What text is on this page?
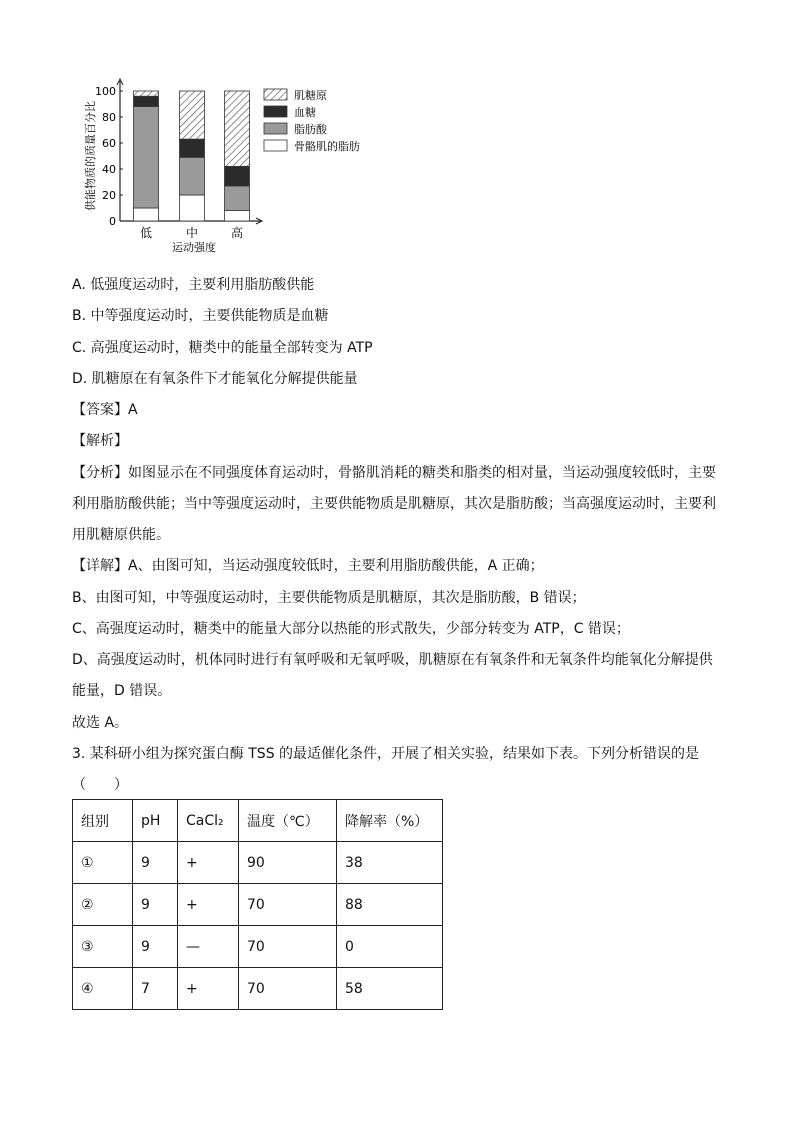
0
20
40
60
80
100
供能物质的质量百分比
低	中	高
运动强度
肌糖原
血糖
脂肪酸
骨骼肌的脂肪
A. 低强度运动时，主要利用脂肪酸供能
B. 中等强度运动时，主要供能物质是血糖
C. 高强度运动时，糖类中的能量全部转变为 ATP
D. 肌糖原在有氧条件下才能氧化分解提供能量
【答案】A
【解析】
【分析】如图显示在不同强度体育运动时，骨骼肌消耗的糖类和脂类的相对量，当运动强度较低时，主要
利用脂肪酸供能；当中等强度运动时，主要供能物质是肌糖原，其次是脂肪酸；当高强度运动时，主要利
用肌糖原供能。
【详解】A、由图可知，当运动强度较低时，主要利用脂肪酸供能，A 正确；
B、由图可知，中等强度运动时，主要供能物质是肌糖原，其次是脂肪酸，B 错误；
C、高强度运动时，糖类中的能量大部分以热能的形式散失，少部分转变为 ATP，C 错误；
D、高强度运动时，机体同时进行有氧呼吸和无氧呼吸，肌糖原在有氧条件和无氧条件均能氧化分解提供
能量，D 错误。
故选 A。
3. 某科研小组为探究蛋白酶 TSS 的最适催化条件，开展了相关实验，结果如下表。下列分析错误的是
（　　）
组别	pH	CaCl₂	温度（℃）	降解率（%）
①	9	+	90	38
②	9	+	70	88
③	9	—	70	0
④	7	+	70	58
